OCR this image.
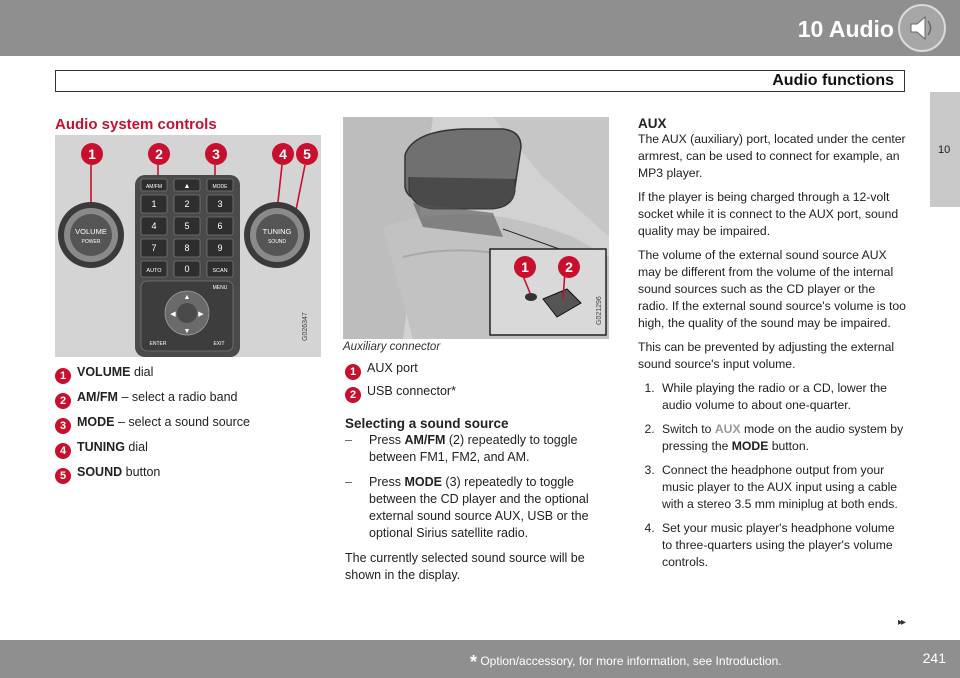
10 Audio
Audio functions
10
Audio system controls
VOLUME
POWER
TUNING
SOUND
AM/FM	▲	MODE
1	2	3
4	5	6
7	8	9
AUTO	0	SCAN
▲
▼
◀	▶
ENTER	EXIT
MENU
G026347
1	2	3	4	5
1 VOLUME dial
2 AM/FM – select a radio band
3 MODE – select a sound source
4 TUNING dial
5 SOUND button
G021296
1	2
Auxiliary connector
1 AUX port
2 USB connector*
Selecting a sound source
– Press AM/FM (2) repeatedly to toggle between FM1, FM2, and AM.
– Press MODE (3) repeatedly to toggle between the CD player and the optional external sound source AUX, USB or the optional Sirius satellite radio.
The currently selected sound source will be shown in the display.
AUX

The AUX (auxiliary) port, located under the center armrest, can be used to connect for example, an MP3 player.

If the player is being charged through a 12-volt socket while it is connect to the AUX port, sound quality may be impaired.

The volume of the external sound source AUX may be different from the volume of the internal sound sources such as the CD player or the radio. If the external sound source's volume is too high, the quality of the sound may be impaired.

This can be prevented by adjusting the external sound source's input volume.

1. While playing the radio or a CD, lower the audio volume to about one-quarter.
2. Switch to AUX mode on the audio system by pressing the MODE button.
3. Connect the headphone output from your music player to the AUX input using a cable with a stereo 3.5 mm miniplug at both ends.
4. Set your music player's headphone volume to three-quarters using the player's volume controls.
▸▸
* Option/accessory, for more information, see Introduction.	241
